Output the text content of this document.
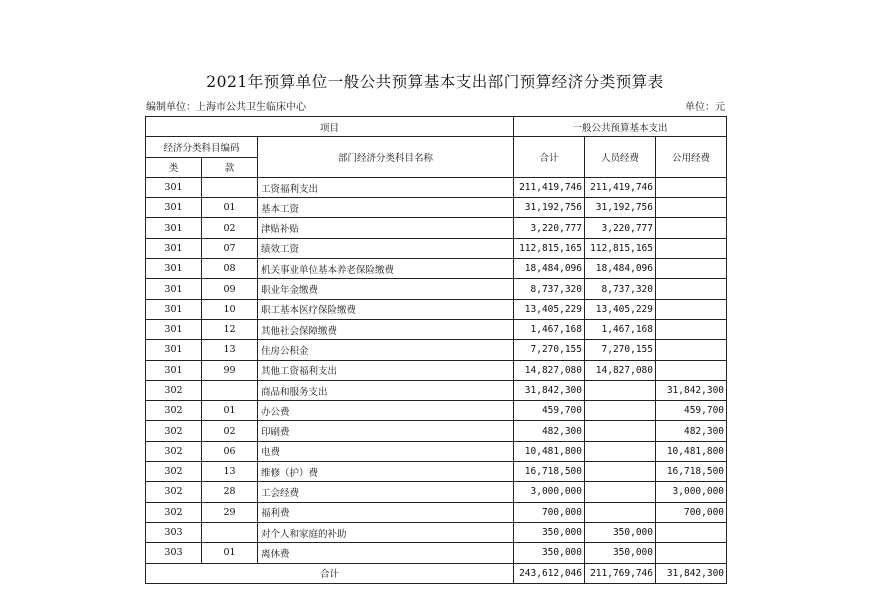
2021年预算单位一般公共预算基本支出部门预算经济分类预算表
编制单位：上海市公共卫生临床中心	单位：元
项目			一般公共预算基本支出		
经济分类科目编码		部门经济分类科目名称	合计	人员经费	公用经费
类	款				
301		工资福利支出	211,419,746	211,419,746	
301	01	基本工资	31,192,756	31,192,756	
301	02	津贴补贴	3,220,777	3,220,777	
301	07	绩效工资	112,815,165	112,815,165	
301	08	机关事业单位基本养老保险缴费	18,484,096	18,484,096	
301	09	职业年金缴费	8,737,320	8,737,320	
301	10	职工基本医疗保险缴费	13,405,229	13,405,229	
301	12	其他社会保障缴费	1,467,168	1,467,168	
301	13	住房公积金	7,270,155	7,270,155	
301	99	其他工资福利支出	14,827,080	14,827,080	
302		商品和服务支出	31,842,300		31,842,300
302	01	办公费	459,700		459,700
302	02	印刷费	482,300		482,300
302	06	电费	10,481,800		10,481,800
302	13	维修（护）费	16,718,500		16,718,500
302	28	工会经费	3,000,000		3,000,000
302	29	福利费	700,000		700,000
303		对个人和家庭的补助	350,000	350,000	
303	01	离休费	350,000	350,000	
合计			243,612,046	211,769,746	31,842,300
